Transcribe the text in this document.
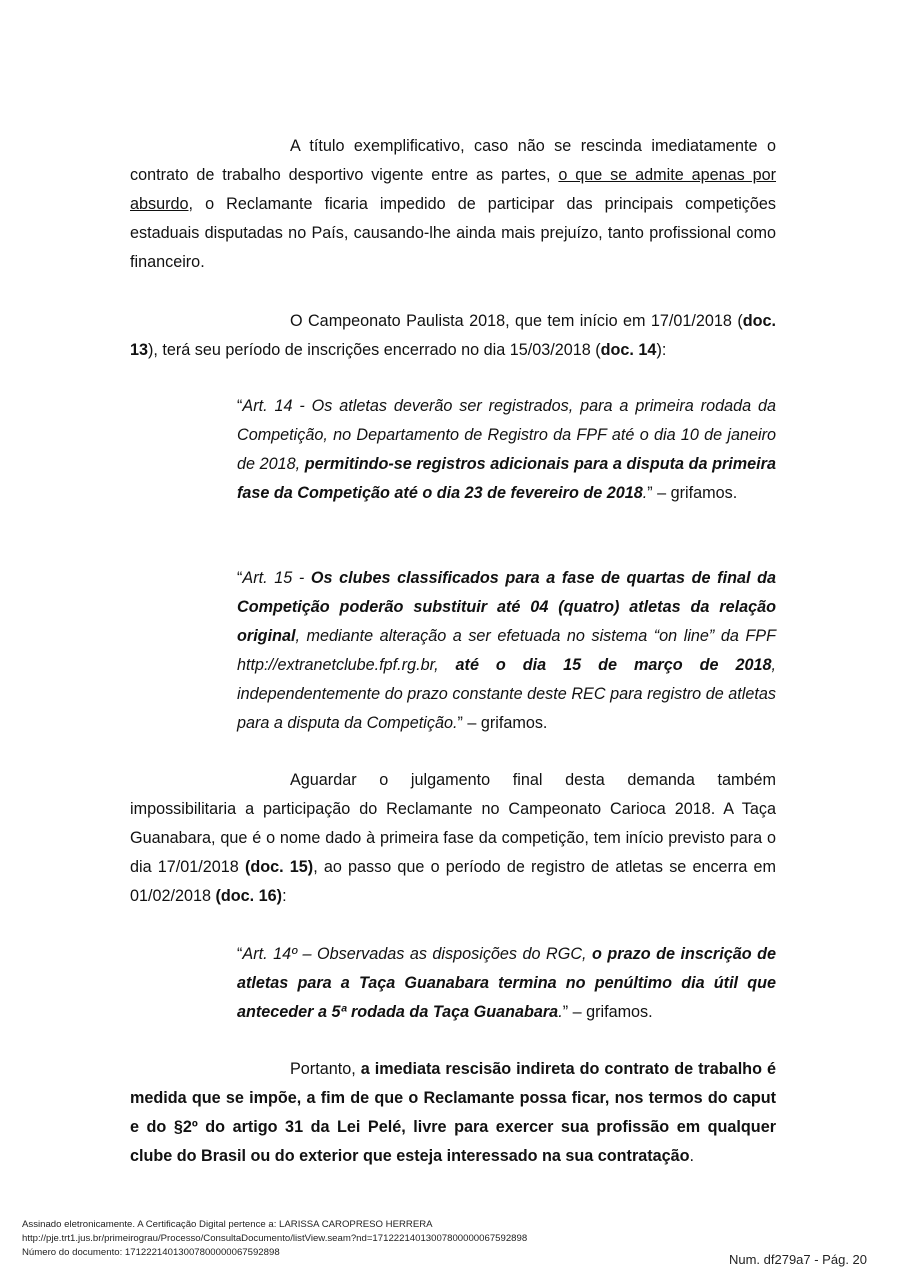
A título exemplificativo, caso não se rescinda imediatamente o contrato de trabalho desportivo vigente entre as partes, o que se admite apenas por absurdo, o Reclamante ficaria impedido de participar das principais competições estaduais disputadas no País, causando-lhe ainda mais prejuízo, tanto profissional como financeiro.

O Campeonato Paulista 2018, que tem início em 17/01/2018 (doc. 13), terá seu período de inscrições encerrado no dia 15/03/2018 (doc. 14):

“Art. 14 - Os atletas deverão ser registrados, para a primeira rodada da Competição, no Departamento de Registro da FPF até o dia 10 de janeiro de 2018, permitindo-se registros adicionais para a disputa da primeira fase da Competição até o dia 23 de fevereiro de 2018.” – grifamos.

“Art. 15 - Os clubes classificados para a fase de quartas de final da Competição poderão substituir até 04 (quatro) atletas da relação original, mediante alteração a ser efetuada no sistema “on line” da FPF http://extranetclube.fpf.rg.br, até o dia 15 de março de 2018, independentemente do prazo constante deste REC para registro de atletas para a disputa da Competição.” – grifamos.

Aguardar o julgamento final desta demanda também impossibilitaria a participação do Reclamante no Campeonato Carioca 2018. A Taça Guanabara, que é o nome dado à primeira fase da competição, tem início previsto para o dia 17/01/2018 (doc. 15), ao passo que o período de registro de atletas se encerra em 01/02/2018 (doc. 16):

“Art. 14º – Observadas as disposições do RGC, o prazo de inscrição de atletas para a Taça Guanabara termina no penúltimo dia útil que anteceder a 5ª rodada da Taça Guanabara.” – grifamos.

Portanto, a imediata rescisão indireta do contrato de trabalho é medida que se impõe, a fim de que o Reclamante possa ficar, nos termos do caput e do §2º do artigo 31 da Lei Pelé, livre para exercer sua profissão em qualquer clube do Brasil ou do exterior que esteja interessado na sua contratação.

Assinado eletronicamente. A Certificação Digital pertence a: LARISSA CAROPRESO HERRERA
http://pje.trt1.jus.br/primeirograu/Processo/ConsultaDocumento/listView.seam?nd=17122214013007800000067592898
Número do documento: 17122214013007800000067592898	Num. df279a7 - Pág. 20
